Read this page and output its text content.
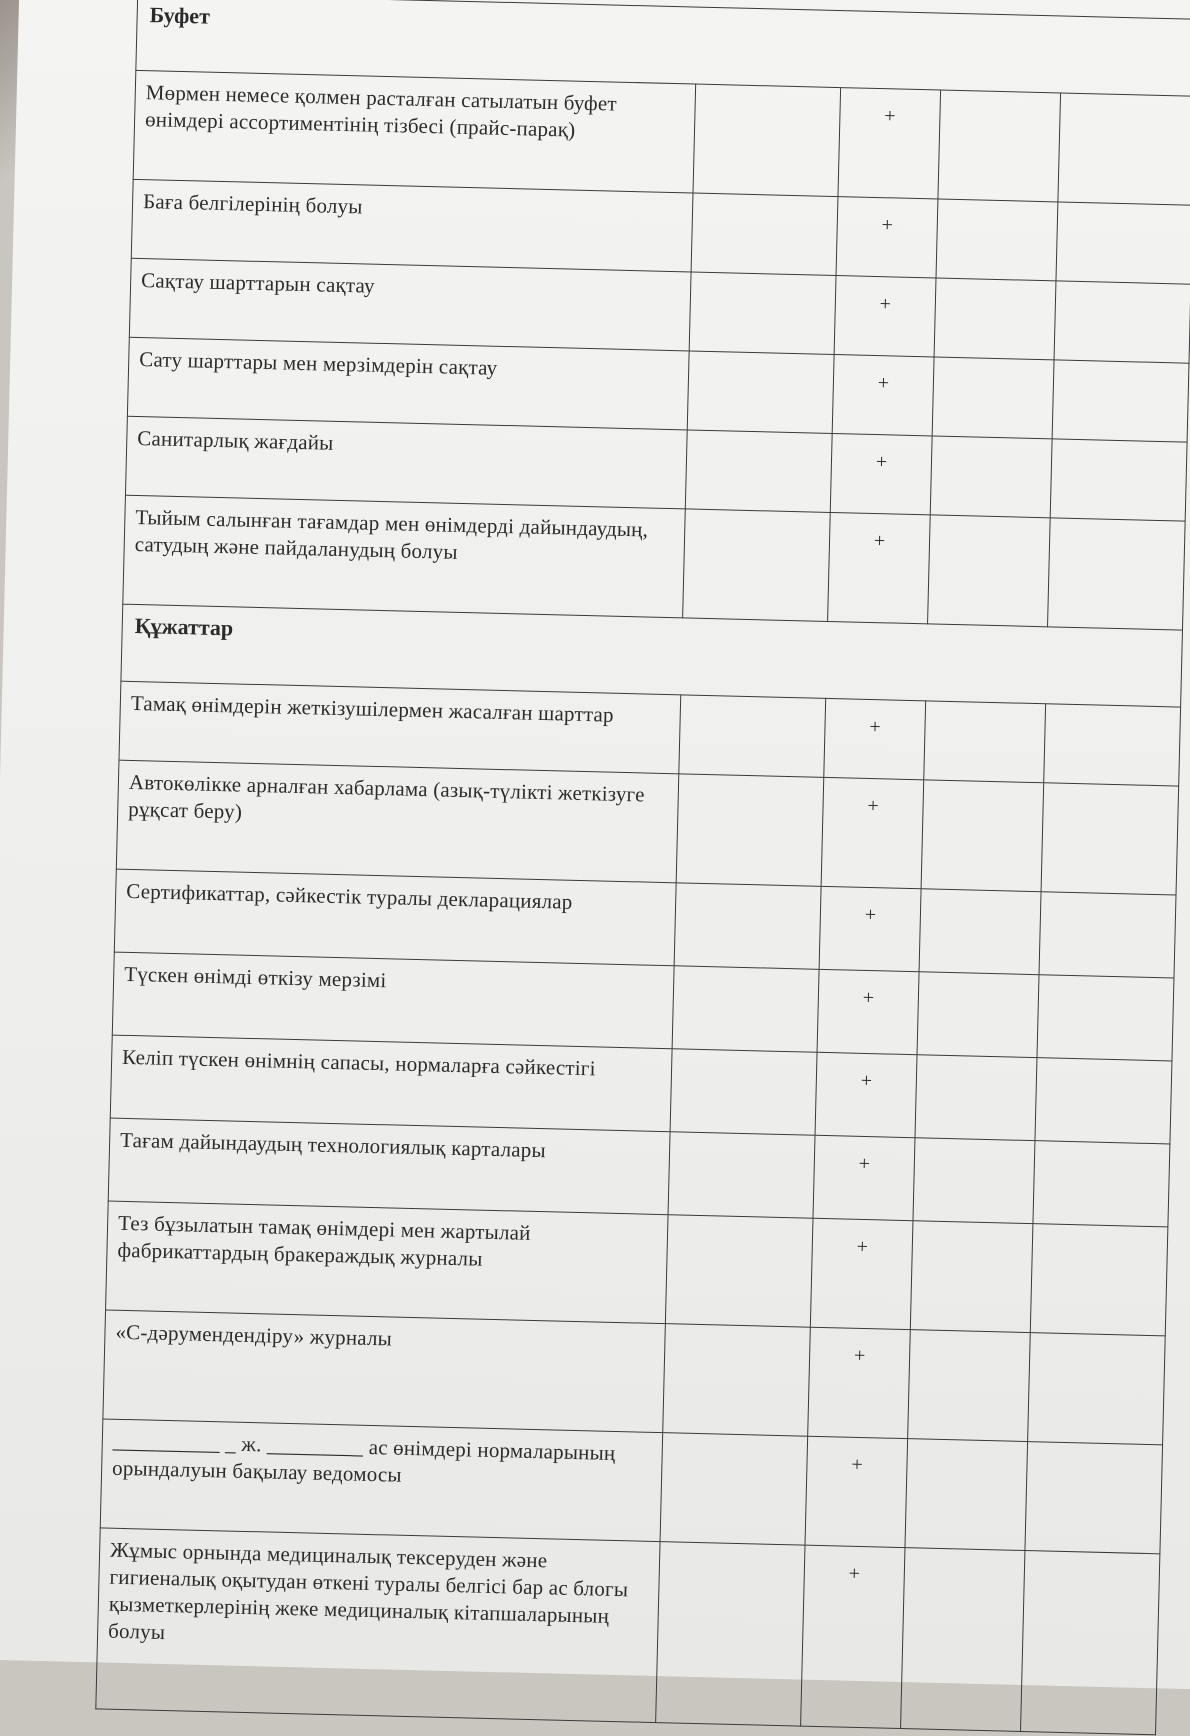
Буфет				
Мөрмен немесе қолмен расталған сатылатын буфет өнімдері ассортиментінің тізбесі (прайс-парақ)		+		
Баға белгілерінің болуы		+		
Сақтау шарттарын сақтау		+		
Сату шарттары мен мерзімдерін сақтау		+		
Санитарлық жағдайы		+		
Тыйым салынған тағамдар мен өнімдерді дайындаудың, сатудың және пайдаланудың болуы		+		
Құжаттар				
Тамақ өнімдерін жеткізушілермен жасалған шарттар		+		
Автокөлікке арналған хабарлама (азық-түлікті жеткізуге рұқсат беру)		+		
Сертификаттар, сәйкестік туралы декларациялар		+		
Түскен өнімді өткізу мерзімі		+		
Келіп түскен өнімнің сапасы, нормаларға сәйкестігі		+		
Тағам дайындаудың технологиялық карталары		+		
Тез бұзылатын тамақ өнімдері мен жартылай фабрикаттардың бракераждық журналы		+		
«С-дәрумендендіру» журналы		+		
__________ _ ж. _________ ас өнімдері нормаларының орындалуын бақылау ведомосы		+		
Жұмыс орнында медициналық тексеруден және гигиеналық оқытудан өткені туралы белгісі бар ас блогы қызметкерлерінің жеке медициналық кітапшаларының болуы		+		
